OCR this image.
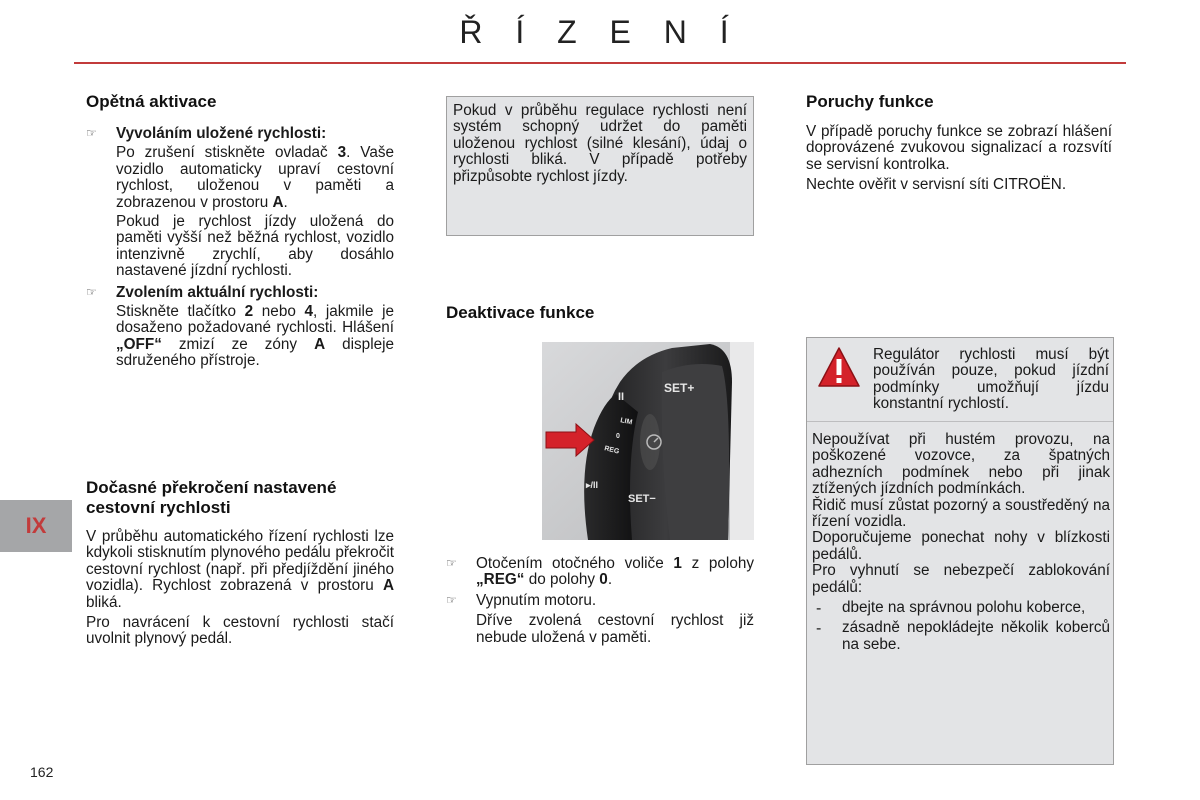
Ř Í Z E N Í
Opětná aktivace
☞ Vyvoláním uložené rychlosti:

Po zrušení stiskněte ovladač 3. Vaše vozidlo automaticky upraví cestovní rychlost, uloženou v paměti a zobrazenou v prostoru A.

Pokud je rychlost jízdy uložená do paměti vyšší než běžná rychlost, vozidlo intenzivně zrychlí, aby dosáhlo nastavené jízdní rychlosti.

☞ Zvolením aktuální rychlosti:

Stiskněte tlačítko 2 nebo 4, jakmile je dosaženo požadované rychlosti. Hlášení „OFF“ zmizí ze zóny A displeje sdruženého přístroje.

Dočasné překročení nastavené cestovní rychlosti

V průběhu automatického řízení rychlosti lze kdykoli stisknutím plynového pedálu překročit cestovní rychlost (např. při předjíždění jiného vozidla). Rychlost zobrazená v prostoru A bliká.

Pro navrácení k cestovní rychlosti stačí uvolnit plynový pedál.

Pokud v průběhu regulace rychlosti není systém schopný udržet do paměti uloženou rychlost (silné klesání), údaj o rychlosti bliká. V případě potřeby přizpůsobte rychlost jízdy.

Deaktivace funkce
SET+
SET−
II
LIM
0
REG
▸/II
☞ Otočením otočného voliče 1 z polohy „REG“ do polohy 0.

☞ Vypnutím motoru.

Dříve zvolená cestovní rychlost již nebude uložená v paměti.

Poruchy funkce

V případě poruchy funkce se zobrazí hlášení doprovázené zvukovou signalizací a rozsvítí se servisní kontrolka.

Nechte ověřit v servisní síti CITROËN.

Regulátor rychlosti musí být používán pouze, pokud jízdní podmínky umožňují jízdu konstantní rychlostí.

Nepoužívat při hustém provozu, na poškozené vozovce, za špatných adhezních podmínek nebo při jinak ztížených jízdních podmínkách.

Řidič musí zůstat pozorný a soustředěný na řízení vozidla.

Doporučujeme ponechat nohy v blízkosti pedálů.

Pro vyhnutí se nebezpečí zablokování pedálů:

- dbejte na správnou polohu koberce,

- zásadně nepokládejte několik koberců na sebe.

IX
162
